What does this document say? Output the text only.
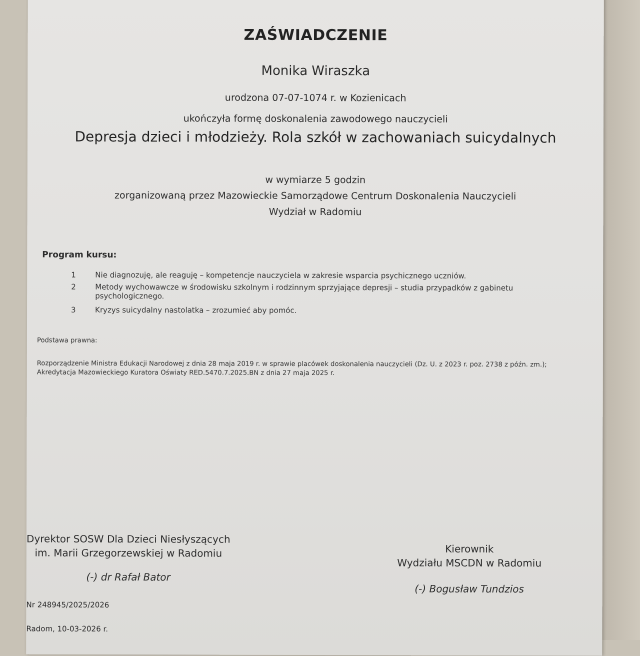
ZAŚWIADCZENIE
Monika Wiraszka
urodzona 07-07-1074 r. w Kozienicach
ukończyła formę doskonalenia zawodowego nauczycieli
Depresja dzieci i młodzieży. Rola szkół w zachowaniach suicydalnych
w wymiarze 5 godzin
zorganizowaną przez Mazowieckie Samorządowe Centrum Doskonalenia Nauczycieli
Wydział w Radomiu
Program kursu:
1	Nie diagnozuję, ale reaguję – kompetencje nauczyciela w zakresie wsparcia psychicznego uczniów.
2	Metody wychowawcze w środowisku szkolnym i rodzinnym sprzyjające depresji – studia przypadków z gabinetu
psychologicznego.
3	Kryzys suicydalny nastolatka – zrozumieć aby pomóc.
Podstawa prawna:
Rozporządzenie Ministra Edukacji Narodowej z dnia 28 maja 2019 r. w sprawie placówek doskonalenia nauczycieli (Dz. U. z 2023 r. poz. 2738 z późn. zm.);
Akredytacja Mazowieckiego Kuratora Oświaty RED.5470.7.2025.BN z dnia 27 maja 2025 r.
Dyrektor SOSW Dla Dzieci Niesłyszących
im. Marii Grzegorzewskiej w Radomiu
(-) dr Rafał Bator
Kierownik
Wydziału MSCDN w Radomiu
(-) Bogusław Tundzios
Nr 248945/2025/2026
Radom, 10-03-2026 r.
